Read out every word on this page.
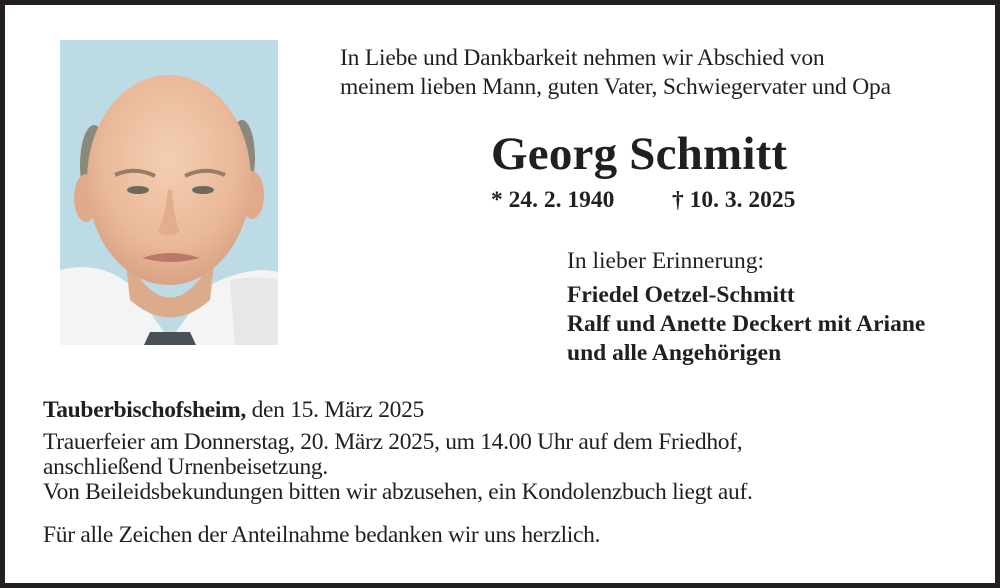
In Liebe und Dankbarkeit nehmen wir Abschied von
meinem lieben Mann, guten Vater, Schwiegervater und Opa
Georg Schmitt
* 24. 2. 1940 † 10. 3. 2025
In lieber Erinnerung:
Friedel Oetzel-Schmitt
Ralf und Anette Deckert mit Ariane
und alle Angehörigen
Tauberbischofsheim, den 15. März 2025
Trauerfeier am Donnerstag, 20. März 2025, um 14.00 Uhr auf dem Friedhof,
anschließend Urnenbeisetzung.
Von Beileidsbekundungen bitten wir abzusehen, ein Kondolenzbuch liegt auf.
Für alle Zeichen der Anteilnahme bedanken wir uns herzlich.
